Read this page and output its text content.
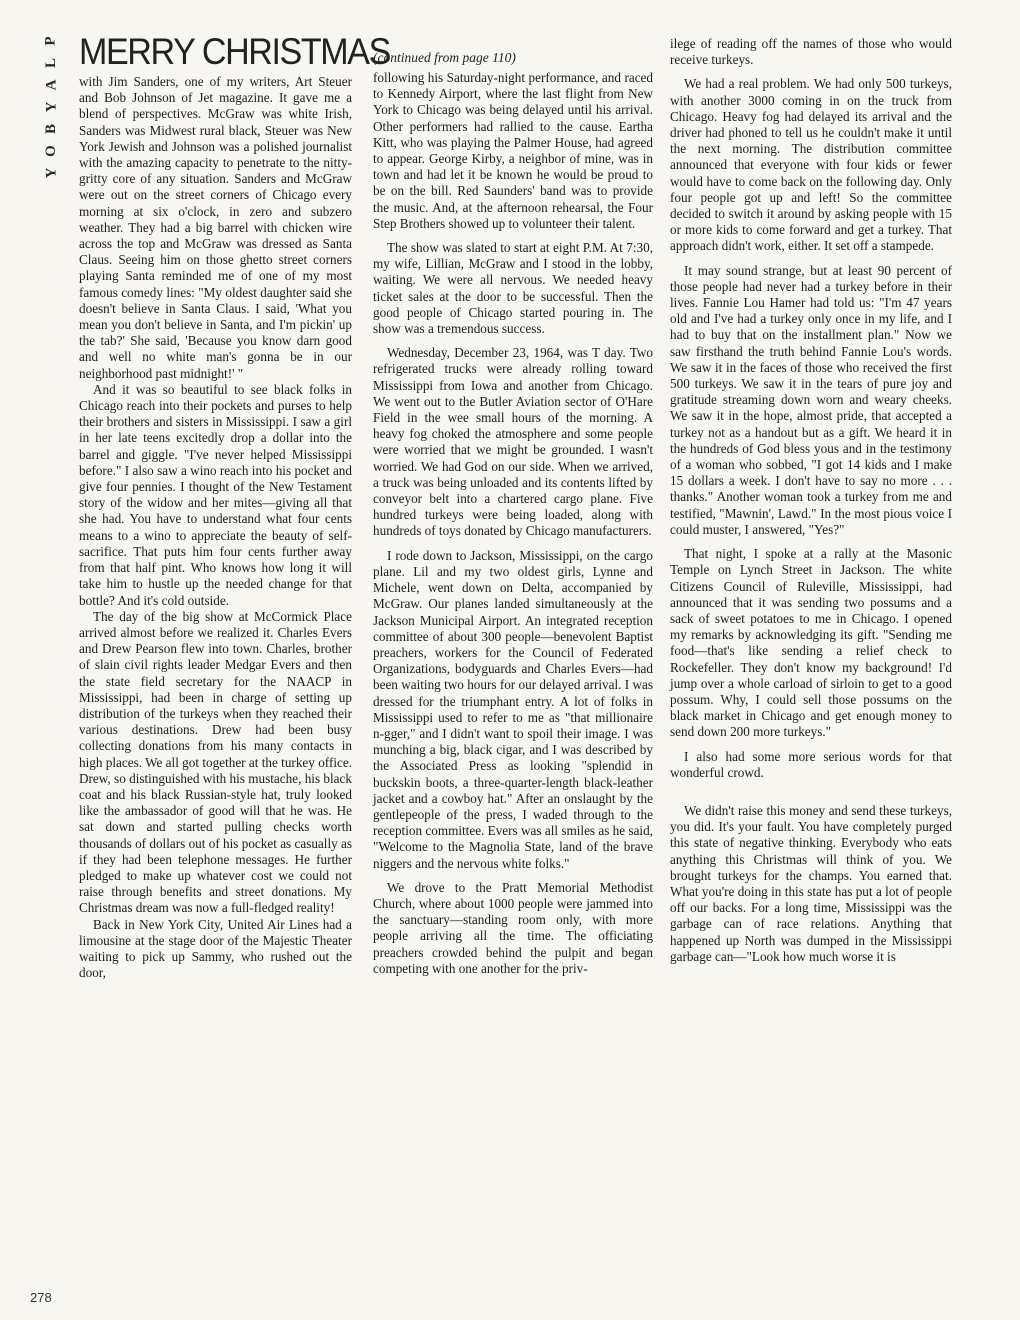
P
L
A
Y
B
O
Y
278
MERRY CHRISTMAS

with Jim Sanders, one of my writers, Art Steuer and Bob Johnson of Jet magazine. It gave me a blend of perspectives. McGraw was white Irish, Sanders was Midwest rural black, Steuer was New York Jewish and Johnson was a polished journalist with the amazing capacity to penetrate to the nitty-gritty core of any situation. Sanders and McGraw were out on the street corners of Chicago every morning at six o'clock, in zero and subzero weather. They had a big barrel with chicken wire across the top and McGraw was dressed as Santa Claus. Seeing him on those ghetto street corners playing Santa reminded me of one of my most famous comedy lines: "My oldest daughter said she doesn't believe in Santa Claus. I said, 'What you mean you don't believe in Santa, and I'm pickin' up the tab?' She said, 'Because you know darn good and well no white man's gonna be in our neighborhood past midnight!' "

And it was so beautiful to see black folks in Chicago reach into their pockets and purses to help their brothers and sisters in Mississippi. I saw a girl in her late teens excitedly drop a dollar into the barrel and giggle. "I've never helped Mississippi before." I also saw a wino reach into his pocket and give four pennies. I thought of the New Testament story of the widow and her mites—giving all that she had. You have to understand what four cents means to a wino to appreciate the beauty of self-sacrifice. That puts him four cents further away from that half pint. Who knows how long it will take him to hustle up the needed change for that bottle? And it's cold outside.

The day of the big show at McCormick Place arrived almost before we realized it. Charles Evers and Drew Pearson flew into town. Charles, brother of slain civil rights leader Medgar Evers and then the state field secretary for the NAACP in Mississippi, had been in charge of setting up distribution of the turkeys when they reached their various destinations. Drew had been busy collecting donations from his many contacts in high places. We all got together at the turkey office. Drew, so distinguished with his mustache, his black coat and his black Russian-style hat, truly looked like the ambassador of good will that he was. He sat down and started pulling checks worth thousands of dollars out of his pocket as casually as if they had been telephone messages. He further pledged to make up whatever cost we could not raise through benefits and street donations. My Christmas dream was now a full-fledged reality!

Back in New York City, United Air Lines had a limousine at the stage door of the Majestic Theater waiting to pick up Sammy, who rushed out the door,

(continued from page 110)

following his Saturday-night performance, and raced to Kennedy Airport, where the last flight from New York to Chicago was being delayed until his arrival. Other performers had rallied to the cause. Eartha Kitt, who was playing the Palmer House, had agreed to appear. George Kirby, a neighbor of mine, was in town and had let it be known he would be proud to be on the bill. Red Saunders' band was to provide the music. And, at the afternoon rehearsal, the Four Step Brothers showed up to volunteer their talent.

The show was slated to start at eight P.M. At 7:30, my wife, Lillian, McGraw and I stood in the lobby, waiting. We were all nervous. We needed heavy ticket sales at the door to be successful. Then the good people of Chicago started pouring in. The show was a tremendous success.

Wednesday, December 23, 1964, was T day. Two refrigerated trucks were already rolling toward Mississippi from Iowa and another from Chicago. We went out to the Butler Aviation sector of O'Hare Field in the wee small hours of the morning. A heavy fog choked the atmosphere and some people were worried that we might be grounded. I wasn't worried. We had God on our side. When we arrived, a truck was being unloaded and its contents lifted by conveyor belt into a chartered cargo plane. Five hundred turkeys were being loaded, along with hundreds of toys donated by Chicago manufacturers.

I rode down to Jackson, Mississippi, on the cargo plane. Lil and my two oldest girls, Lynne and Michele, went down on Delta, accompanied by McGraw. Our planes landed simultaneously at the Jackson Municipal Airport. An integrated reception committee of about 300 people—benevolent Baptist preachers, workers for the Council of Federated Organizations, bodyguards and Charles Evers—had been waiting two hours for our delayed arrival. I was dressed for the triumphant entry. A lot of folks in Mississippi used to refer to me as "that millionaire n-gger," and I didn't want to spoil their image. I was munching a big, black cigar, and I was described by the Associated Press as looking "splendid in buckskin boots, a three-quarter-length black-leather jacket and a cowboy hat." After an onslaught by the gentlepeople of the press, I waded through to the reception committee. Evers was all smiles as he said, "Welcome to the Magnolia State, land of the brave niggers and the nervous white folks."

We drove to the Pratt Memorial Methodist Church, where about 1000 people were jammed into the sanctuary—standing room only, with more people arriving all the time. The officiating preachers crowded behind the pulpit and began competing with one another for the priv-

ilege of reading off the names of those who would receive turkeys.

We had a real problem. We had only 500 turkeys, with another 3000 coming in on the truck from Chicago. Heavy fog had delayed its arrival and the driver had phoned to tell us he couldn't make it until the next morning. The distribution committee announced that everyone with four kids or fewer would have to come back on the following day. Only four people got up and left! So the committee decided to switch it around by asking people with 15 or more kids to come forward and get a turkey. That approach didn't work, either. It set off a stampede.

It may sound strange, but at least 90 percent of those people had never had a turkey before in their lives. Fannie Lou Hamer had told us: "I'm 47 years old and I've had a turkey only once in my life, and I had to buy that on the installment plan." Now we saw firsthand the truth behind Fannie Lou's words. We saw it in the faces of those who received the first 500 turkeys. We saw it in the tears of pure joy and gratitude streaming down worn and weary cheeks. We saw it in the hope, almost pride, that accepted a turkey not as a handout but as a gift. We heard it in the hundreds of God bless yous and in the testimony of a woman who sobbed, "I got 14 kids and I make 15 dollars a week. I don't have to say no more . . . thanks." Another woman took a turkey from me and testified, "Mawnin', Lawd." In the most pious voice I could muster, I answered, "Yes?"

That night, I spoke at a rally at the Masonic Temple on Lynch Street in Jackson. The white Citizens Council of Ruleville, Mississippi, had announced that it was sending two possums and a sack of sweet potatoes to me in Chicago. I opened my remarks by acknowledging its gift. "Sending me food—that's like sending a relief check to Rockefeller. They don't know my background! I'd jump over a whole carload of sirloin to get to a good possum. Why, I could sell those possums on the black market in Chicago and get enough money to send down 200 more turkeys."

I also had some more serious words for that wonderful crowd.

We didn't raise this money and send these turkeys, you did. It's your fault. You have completely purged this state of negative thinking. Everybody who eats anything this Christmas will think of you. We brought turkeys for the champs. You earned that. What you're doing in this state has put a lot of people off our backs. For a long time, Mississippi was the garbage can of race relations. Anything that happened up North was dumped in the Mississippi garbage can—"Look how much worse it is
